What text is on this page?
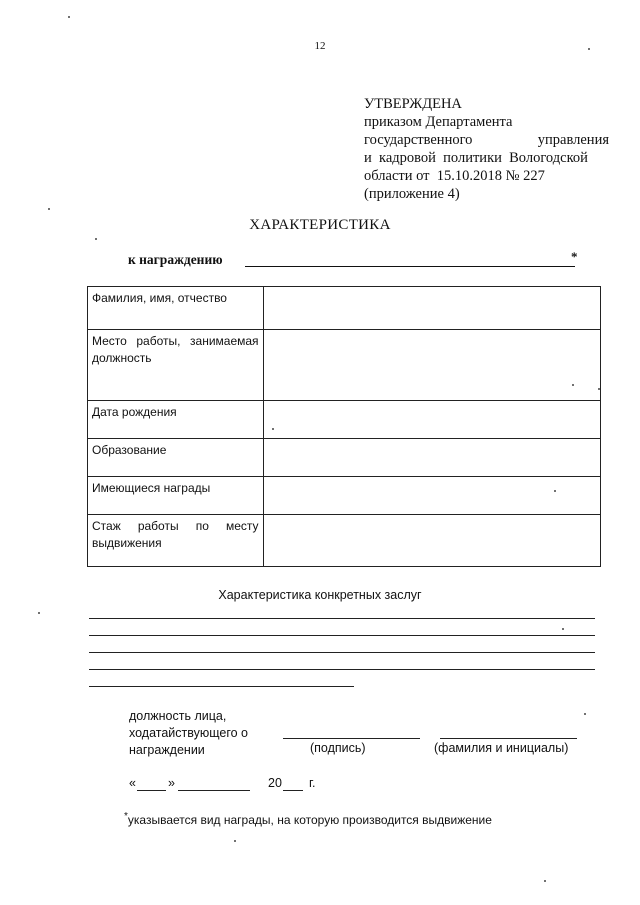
12
УТВЕРЖДЕНА
приказом Департамента
государственного	управления
и  кадровой  политики  Вологодской
области от  15.10.2018 № 227
(приложение 4)
ХАРАКТЕРИСТИКА
к награждению	*
Фамилия, имя, отчество	

Место работы, занимаемая должность	

Дата рождения	
Образование	
Имеющиеся награды	

Стаж работы по месту выдвижения	

Характеристика конкретных заслуг
должность лица,
ходатайствующего о
награждении	(подпись)	(фамилия и инициалы)
«	»	20 г.
*указывается вид награды, на которую производится выдвижение
